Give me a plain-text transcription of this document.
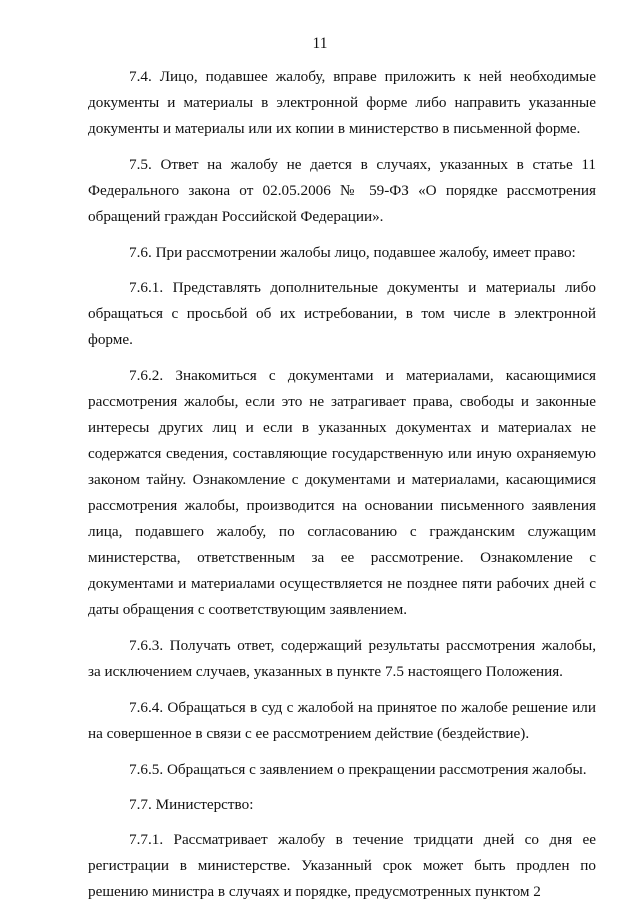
11

7.4. Лицо, подавшее жалобу, вправе приложить к ней необходимые документы и материалы в электронной форме либо направить указанные документы и материалы или их копии в министерство в письменной форме.

7.5. Ответ на жалобу не дается в случаях, указанных в статье 11 Федерального закона от 02.05.2006 № 59-ФЗ «О порядке рассмотрения обращений граждан Российской Федерации».

7.6. При рассмотрении жалобы лицо, подавшее жалобу, имеет право:

7.6.1. Представлять дополнительные документы и материалы либо обращаться с просьбой об их истребовании, в том числе в электронной форме.

7.6.2. Знакомиться с документами и материалами, касающимися рассмотрения жалобы, если это не затрагивает права, свободы и законные интересы других лиц и если в указанных документах и материалах не содержатся сведения, составляющие государственную или иную охраняемую законом тайну. Ознакомление с документами и материалами, касающимися рассмотрения жалобы, производится на основании письменного заявления лица, подавшего жалобу, по согласованию с гражданским служащим министерства, ответственным за ее рассмотрение. Ознакомление с документами и материалами осуществляется не позднее пяти рабочих дней с даты обращения с соответствующим заявлением.

7.6.3. Получать ответ, содержащий результаты рассмотрения жалобы, за исключением случаев, указанных в пункте 7.5 настоящего Положения.

7.6.4. Обращаться в суд с жалобой на принятое по жалобе решение или на совершенное в связи с ее рассмотрением действие (бездействие).

7.6.5. Обращаться с заявлением о прекращении рассмотрения жалобы.

7.7. Министерство:

7.7.1. Рассматривает жалобу в течение тридцати дней со дня ее регистрации в министерстве. Указанный срок может быть продлен по решению министра в случаях и порядке, предусмотренных пунктом 2
